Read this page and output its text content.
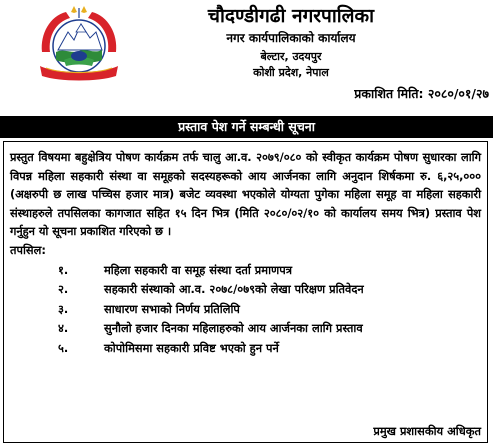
चौदण्डीगढी नगरपालिका
नगर कार्यपालिकाको कार्यालय
बेल्टार, उदयपुर
कोशी प्रदेश, नेपाल
प्रकाशित मिति: २०८०/०१/२७
प्रस्ताव पेश गर्ने सम्बन्धी सूचना

प्रस्तुत विषयमा बहुक्षेत्रिय पोषण कार्यक्रम तर्फ चालु आ.व. २०७९/०८० को स्वीकृत कार्यक्रम पोषण सुधारका लागि विपन्न महिला सहकारी संस्था वा समूहको सदस्यहरूको आय आर्जनका लागि अनुदान शिर्षकमा रु. ६,२५,००० (अक्षरुपी छ लाख पच्चिस हजार मात्र) बजेट व्यवस्था भएकोले योग्यता पुगेका महिला समूह वा महिला सहकारी संस्थाहरुले तपसिलका कागजात सहित १५ दिन भित्र (मिति २०८०/०२/१० को कार्यालय समय भित्र) प्रस्ताव पेश गर्नुहुन यो सूचना प्रकाशित गरिएको छ ।

तपसिल:
१.	महिला सहकारी वा समूह संस्था दर्ता प्रमाणपत्र
२.	सहकारी संस्थाको आ.व. २०७८/०७९को लेखा परिक्षण प्रतिवेदन
३.	साधारण सभाको निर्णय प्रतिलिपि
४.	सुनौलो हजार दिनका महिलाहरुको आय आर्जनका लागि प्रस्ताव
५.	कोपोमिसमा सहकारी प्रविष्ट भएको हुन पर्ने
प्रमुख प्रशासकीय अधिकृत
